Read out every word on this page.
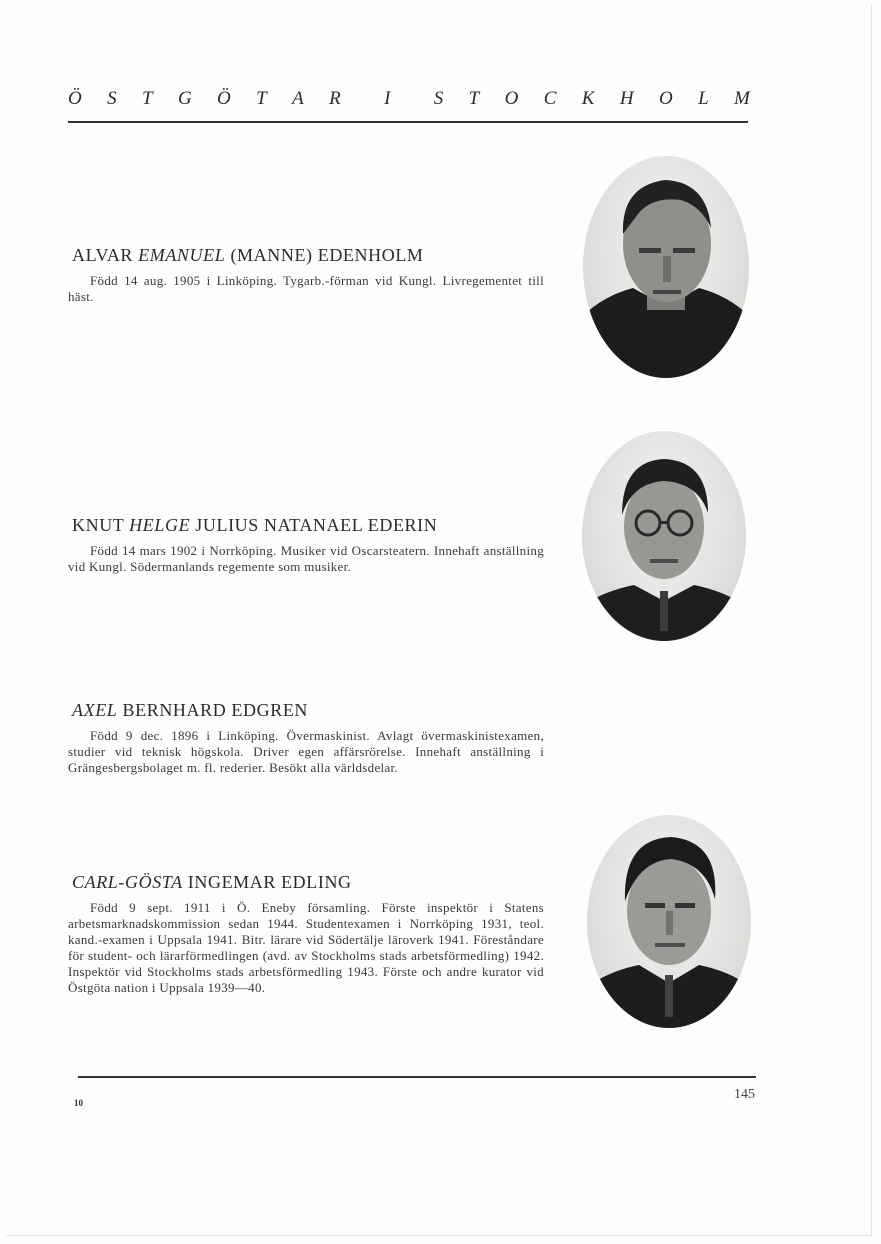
Ö S T G Ö T A R I S T O C K H O L M
ALVAR EMANUEL (MANNE) EDENHOLM

Född 14 aug. 1905 i Linköping. Tygarb.-förman vid Kungl. Livregementet till häst.

KNUT HELGE JULIUS NATANAEL EDERIN

Född 14 mars 1902 i Norrköping. Musiker vid Oscarsteatern. Innehaft anställning vid Kungl. Södermanlands regemente som musiker.

AXEL BERNHARD EDGREN

Född 9 dec. 1896 i Linköping. Övermaskinist. Avlagt övermaskinistexamen, studier vid teknisk högskola. Driver egen affärsrörelse. Innehaft anställning i Grängesbergsbolaget m. fl. rederier. Besökt alla världsdelar.

CARL-GÖSTA INGEMAR EDLING

Född 9 sept. 1911 i Ö. Eneby församling. Förste inspektör i Statens arbetsmarknadskommission sedan 1944. Studentexamen i Norrköping 1931, teol. kand.-examen i Uppsala 1941. Bitr. lärare vid Södertälje läroverk 1941. Föreståndare för student- och lärarförmedlingen (avd. av Stockholms stads arbetsförmedling) 1942. Inspektör vid Stockholms stads arbetsförmedling 1943. Förste och andre kurator vid Östgöta nation i Uppsala 1939—40.

10
145
